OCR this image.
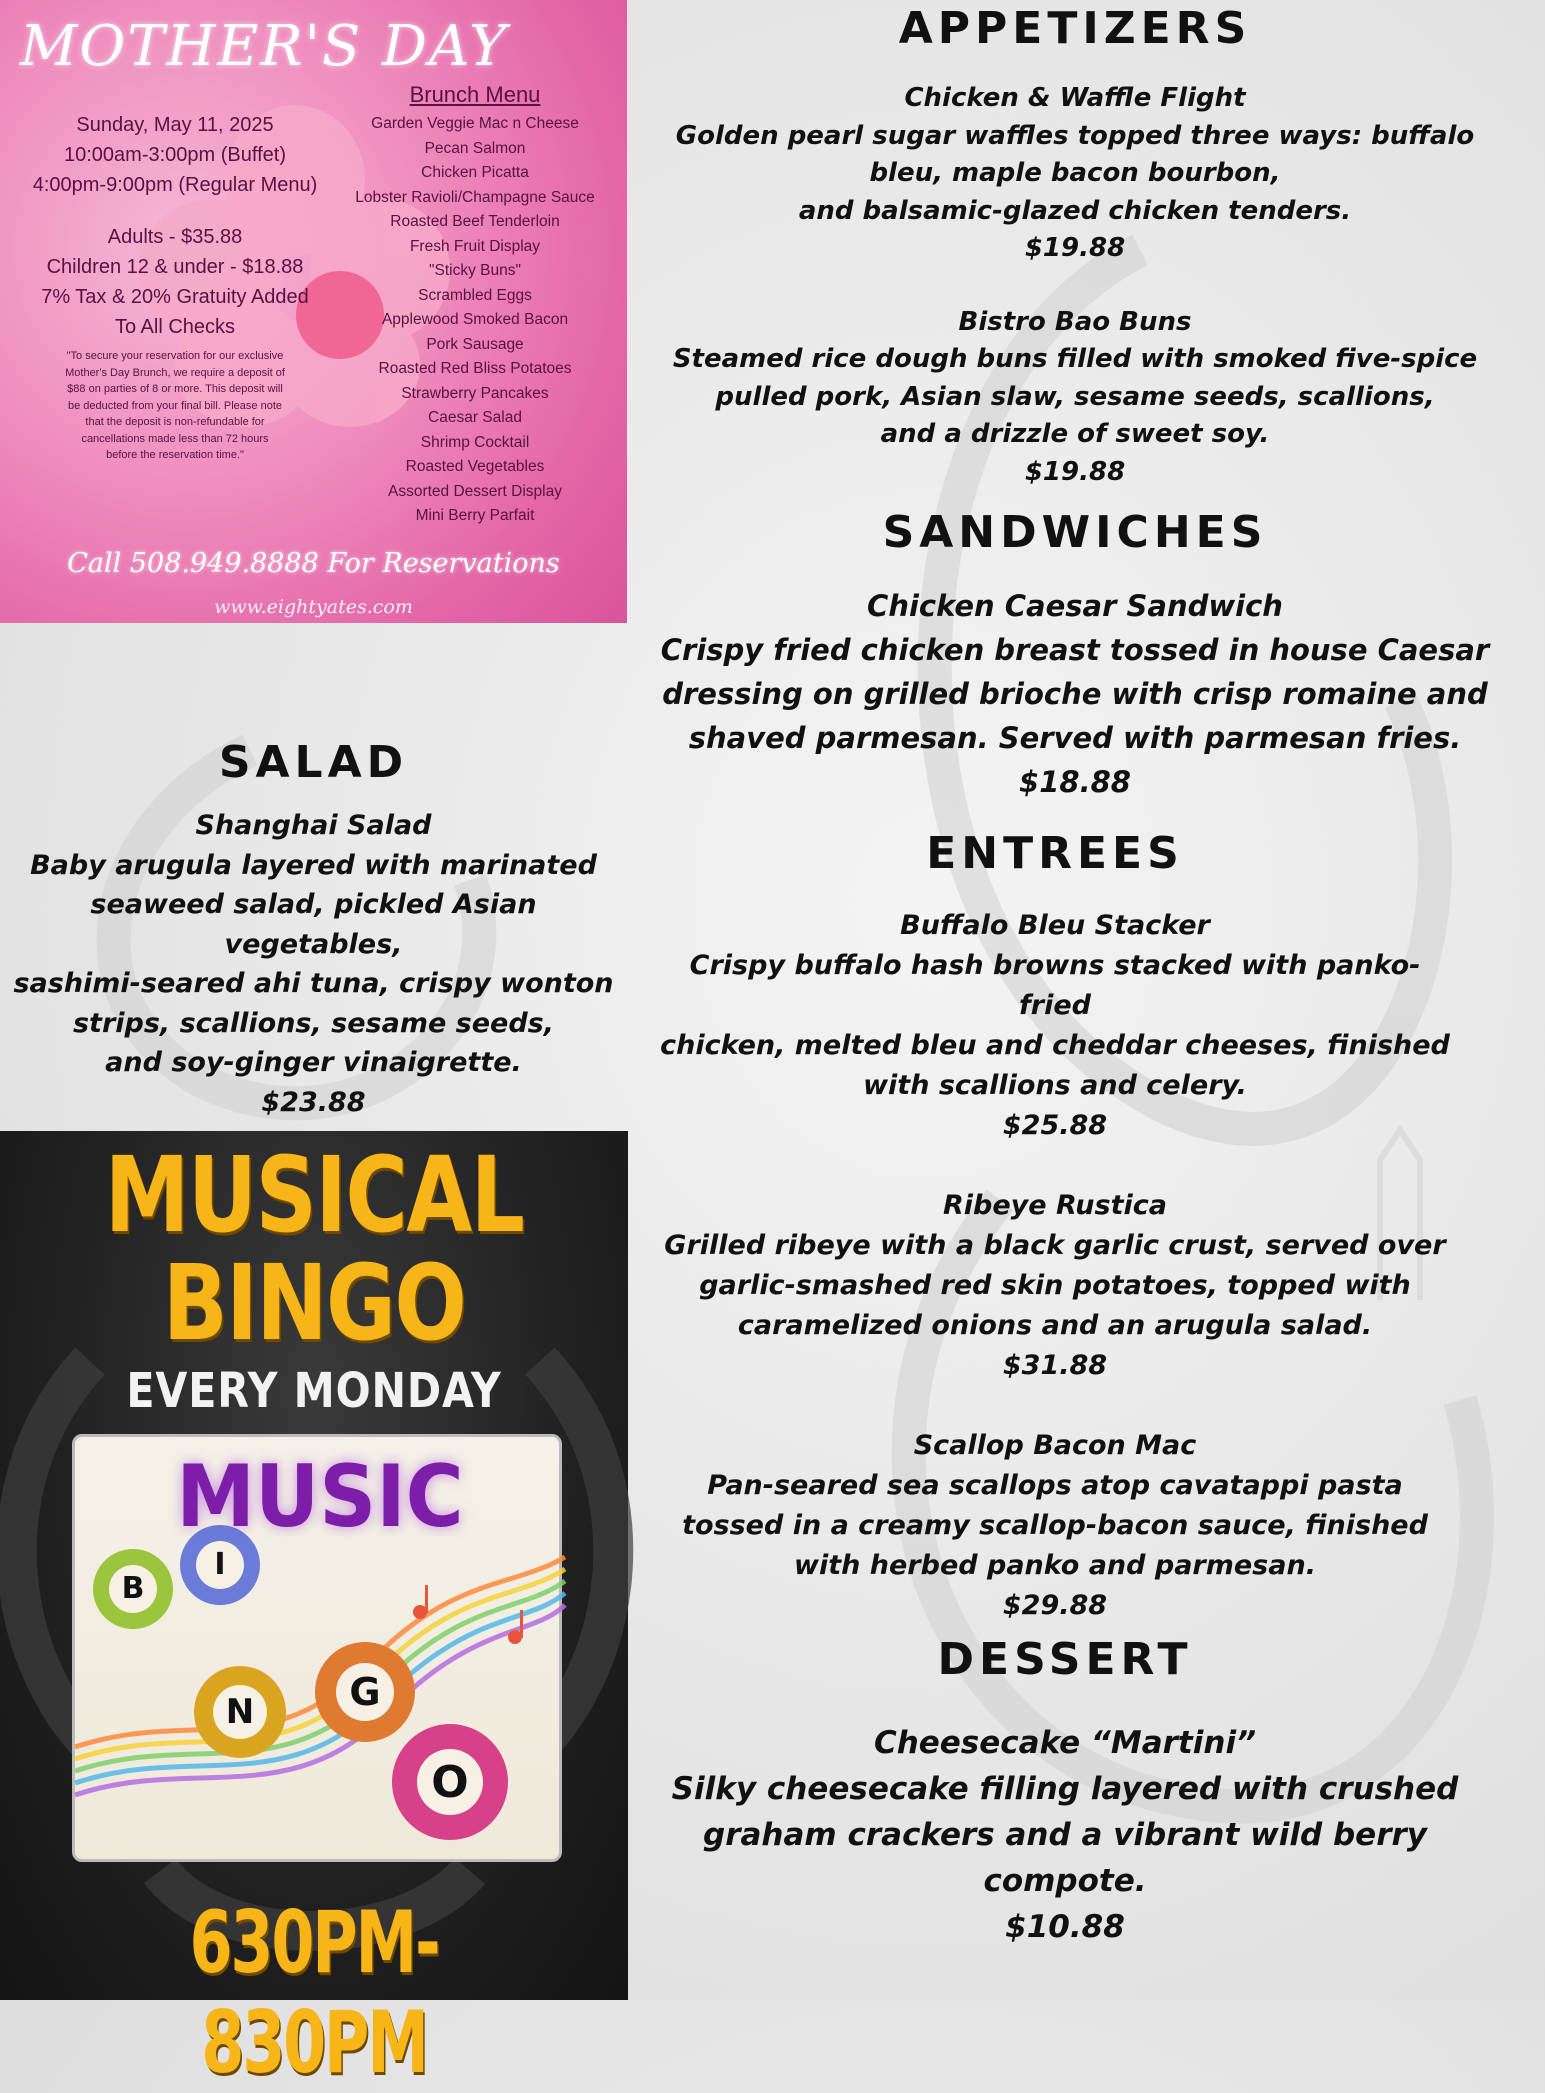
MOTHER'S DAY
Sunday, May 11, 2025
10:00am-3:00pm (Buffet)
4:00pm-9:00pm (Regular Menu)
Adults - $35.88
Children 12 & under - $18.88
7% Tax & 20% Gratuity Added
To All Checks
"To secure your reservation for our exclusive Mother's Day Brunch, we require a deposit of $88 on parties of 8 or more. This deposit will be deducted from your final bill. Please note that the deposit is non-refundable for cancellations made less than 72 hours before the reservation time."
Brunch Menu
Garden Veggie Mac n Cheese
Pecan Salmon
Chicken Picatta
Lobster Ravioli/Champagne Sauce
Roasted Beef Tenderloin
Fresh Fruit Display
"Sticky Buns"
Scrambled Eggs
Applewood Smoked Bacon
Pork Sausage
Roasted Red Bliss Potatoes
Strawberry Pancakes
Caesar Salad
Shrimp Cocktail
Roasted Vegetables
Assorted Dessert Display
Mini Berry Parfait
Call 508.949.8888 For Reservations
www.eightyates.com
APPETIZERS
Chicken & Waffle Flight
Golden pearl sugar waffles topped three ways: buffalo
bleu, maple bacon bourbon,
and balsamic-glazed chicken tenders.
$19.88
Bistro Bao Buns
Steamed rice dough buns filled with smoked five-spice
pulled pork, Asian slaw, sesame seeds, scallions,
and a drizzle of sweet soy.
$19.88
SANDWICHES
Chicken Caesar Sandwich
Crispy fried chicken breast tossed in house Caesar
dressing on grilled brioche with crisp romaine and
shaved parmesan. Served with parmesan fries.
$18.88
SALAD
Shanghai Salad
Baby arugula layered with marinated
seaweed salad, pickled Asian vegetables,
sashimi-seared ahi tuna, crispy wonton
strips, scallions, sesame seeds,
and soy-ginger vinaigrette.
$23.88
ENTREES
Buffalo Bleu Stacker
Crispy buffalo hash browns stacked with panko-fried
chicken, melted bleu and cheddar cheeses, finished
with scallions and celery.
$25.88
Ribeye Rustica
Grilled ribeye with a black garlic crust, served over
garlic-smashed red skin potatoes, topped with
caramelized onions and an arugula salad.
$31.88
Scallop Bacon Mac
Pan-seared sea scallops atop cavatappi pasta
tossed in a creamy scallop-bacon sauce, finished
with herbed panko and parmesan.
$29.88
DESSERT
Cheesecake “Martini”
Silky cheesecake filling layered with crushed
graham crackers and a vibrant wild berry compote.
$10.88
MUSICAL
BINGO
EVERY MONDAY
MUSIC
B
I
N	G
O
630PM-830PM
